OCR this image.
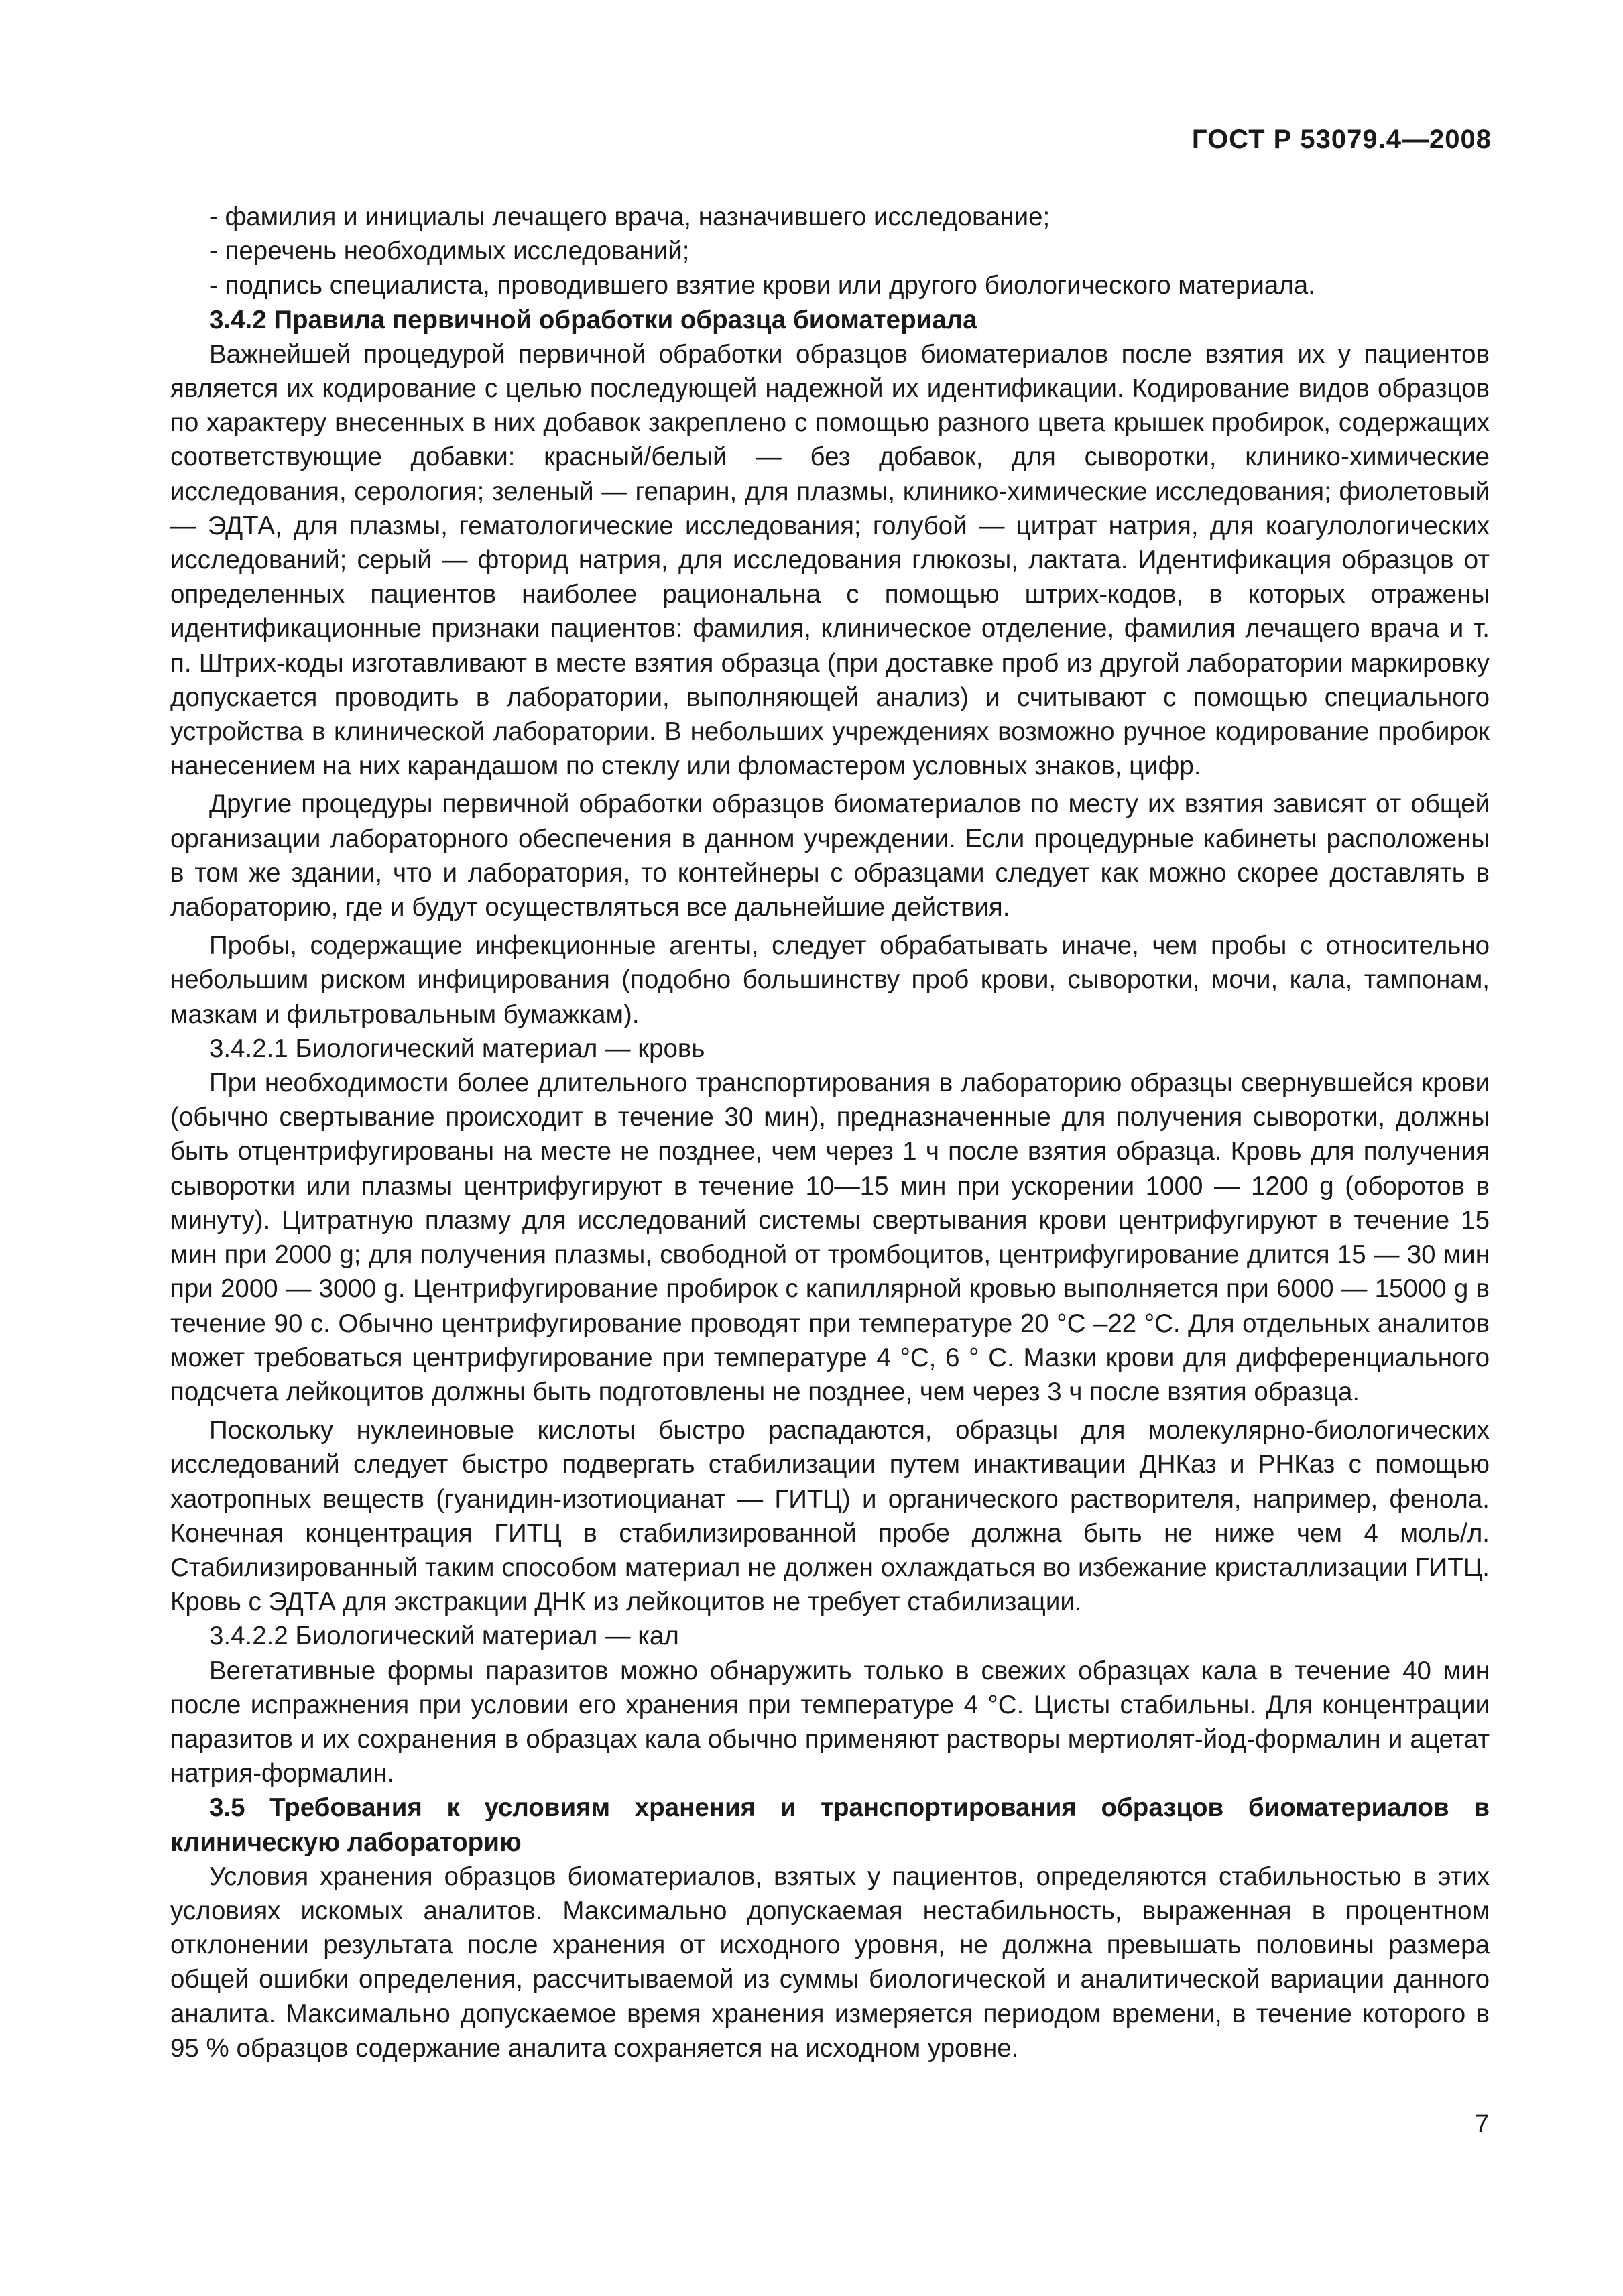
ГОСТ Р 53079.4—2008

- фамилия и инициалы лечащего врача, назначившего исследование;

- перечень необходимых исследований;

- подпись специалиста, проводившего взятие крови или другого биологического материала.

3.4.2 Правила первичной обработки образца биоматериала

Важнейшей процедурой первичной обработки образцов биоматериалов после взятия их у пациентов является их кодирование с целью последующей надежной их идентификации. Кодирование видов образцов по характеру внесенных в них добавок закреплено с помощью разного цвета крышек пробирок, содержащих соответствующие добавки: красный/белый — без добавок, для сыворотки, клинико-химические исследования, серология; зеленый — гепарин, для плазмы, клинико-химические исследования; фиолетовый — ЭДТА, для плазмы, гематологические исследования; голубой — цитрат натрия, для коагулологических исследований; серый — фторид натрия, для исследования глюкозы, лактата. Идентификация образцов от определенных пациентов наиболее рациональна с помощью штрих-кодов, в которых отражены идентификационные признаки пациентов: фамилия, клиническое отделение, фамилия лечащего врача и т. п. Штрих-коды изготавливают в месте взятия образца (при доставке проб из другой лаборатории маркировку допускается проводить в лаборатории, выполняющей анализ) и считывают с помощью специального устройства в клинической лаборатории. В небольших учреждениях возможно ручное кодирование пробирок нанесением на них карандашом по стеклу или фломастером условных знаков, цифр.

Другие процедуры первичной обработки образцов биоматериалов по месту их взятия зависят от общей организации лабораторного обеспечения в данном учреждении. Если процедурные кабинеты расположены в том же здании, что и лаборатория, то контейнеры с образцами следует как можно скорее доставлять в лабораторию, где и будут осуществляться все дальнейшие действия.

Пробы, содержащие инфекционные агенты, следует обрабатывать иначе, чем пробы с относительно небольшим риском инфицирования (подобно большинству проб крови, сыворотки, мочи, кала, тампонам, мазкам и фильтровальным бумажкам).

3.4.2.1 Биологический материал — кровь

При необходимости более длительного транспортирования в лабораторию образцы свернувшейся крови (обычно свертывание происходит в течение 30 мин), предназначенные для получения сыворотки, должны быть отцентрифугированы на месте не позднее, чем через 1 ч после взятия образца. Кровь для получения сыворотки или плазмы центрифугируют в течение 10—15 мин при ускорении 1000 — 1200 g (оборотов в минуту). Цитратную плазму для исследований системы свертывания крови центрифугируют в течение 15 мин при 2000 g; для получения плазмы, свободной от тромбоцитов, центрифугирование длится 15 — 30 мин при 2000 — 3000 g. Центрифугирование пробирок с капиллярной кровью выполняется при 6000 — 15000 g в течение 90 с. Обычно центрифугирование проводят при температуре 20 °С –22 °С. Для отдельных аналитов может требоваться центрифугирование при температуре 4 °С, 6 ° С. Мазки крови для дифференциального подсчета лейкоцитов должны быть подготовлены не позднее, чем через 3 ч после взятия образца.

Поскольку нуклеиновые кислоты быстро распадаются, образцы для молекулярно-биологических исследований следует быстро подвергать стабилизации путем инактивации ДНКаз и РНКаз с помощью хаотропных веществ (гуанидин-изотиоцианат — ГИТЦ) и органического растворителя, например, фенола. Конечная концентрация ГИТЦ в стабилизированной пробе должна быть не ниже чем 4 моль/л. Стабилизированный таким способом материал не должен охлаждаться во избежание кристаллизации ГИТЦ. Кровь с ЭДТА для экстракции ДНК из лейкоцитов не требует стабилизации.

3.4.2.2 Биологический материал — кал

Вегетативные формы паразитов можно обнаружить только в свежих образцах кала в течение 40 мин после испражнения при условии его хранения при температуре 4 °С. Цисты стабильны. Для концентрации паразитов и их сохранения в образцах кала обычно применяют растворы мертиолят-йод-формалин и ацетат натрия-формалин.

3.5 Требования к условиям хранения и транспортирования образцов биоматериалов в клиническую лабораторию

Условия хранения образцов биоматериалов, взятых у пациентов, определяются стабильностью в этих условиях искомых аналитов. Максимально допускаемая нестабильность, выраженная в процентном отклонении результата после хранения от исходного уровня, не должна превышать половины размера общей ошибки определения, рассчитываемой из суммы биологической и аналитической вариации данного аналита. Максимально допускаемое время хранения измеряется периодом времени, в течение которого в 95 % образцов содержание аналита сохраняется на исходном уровне.

7
